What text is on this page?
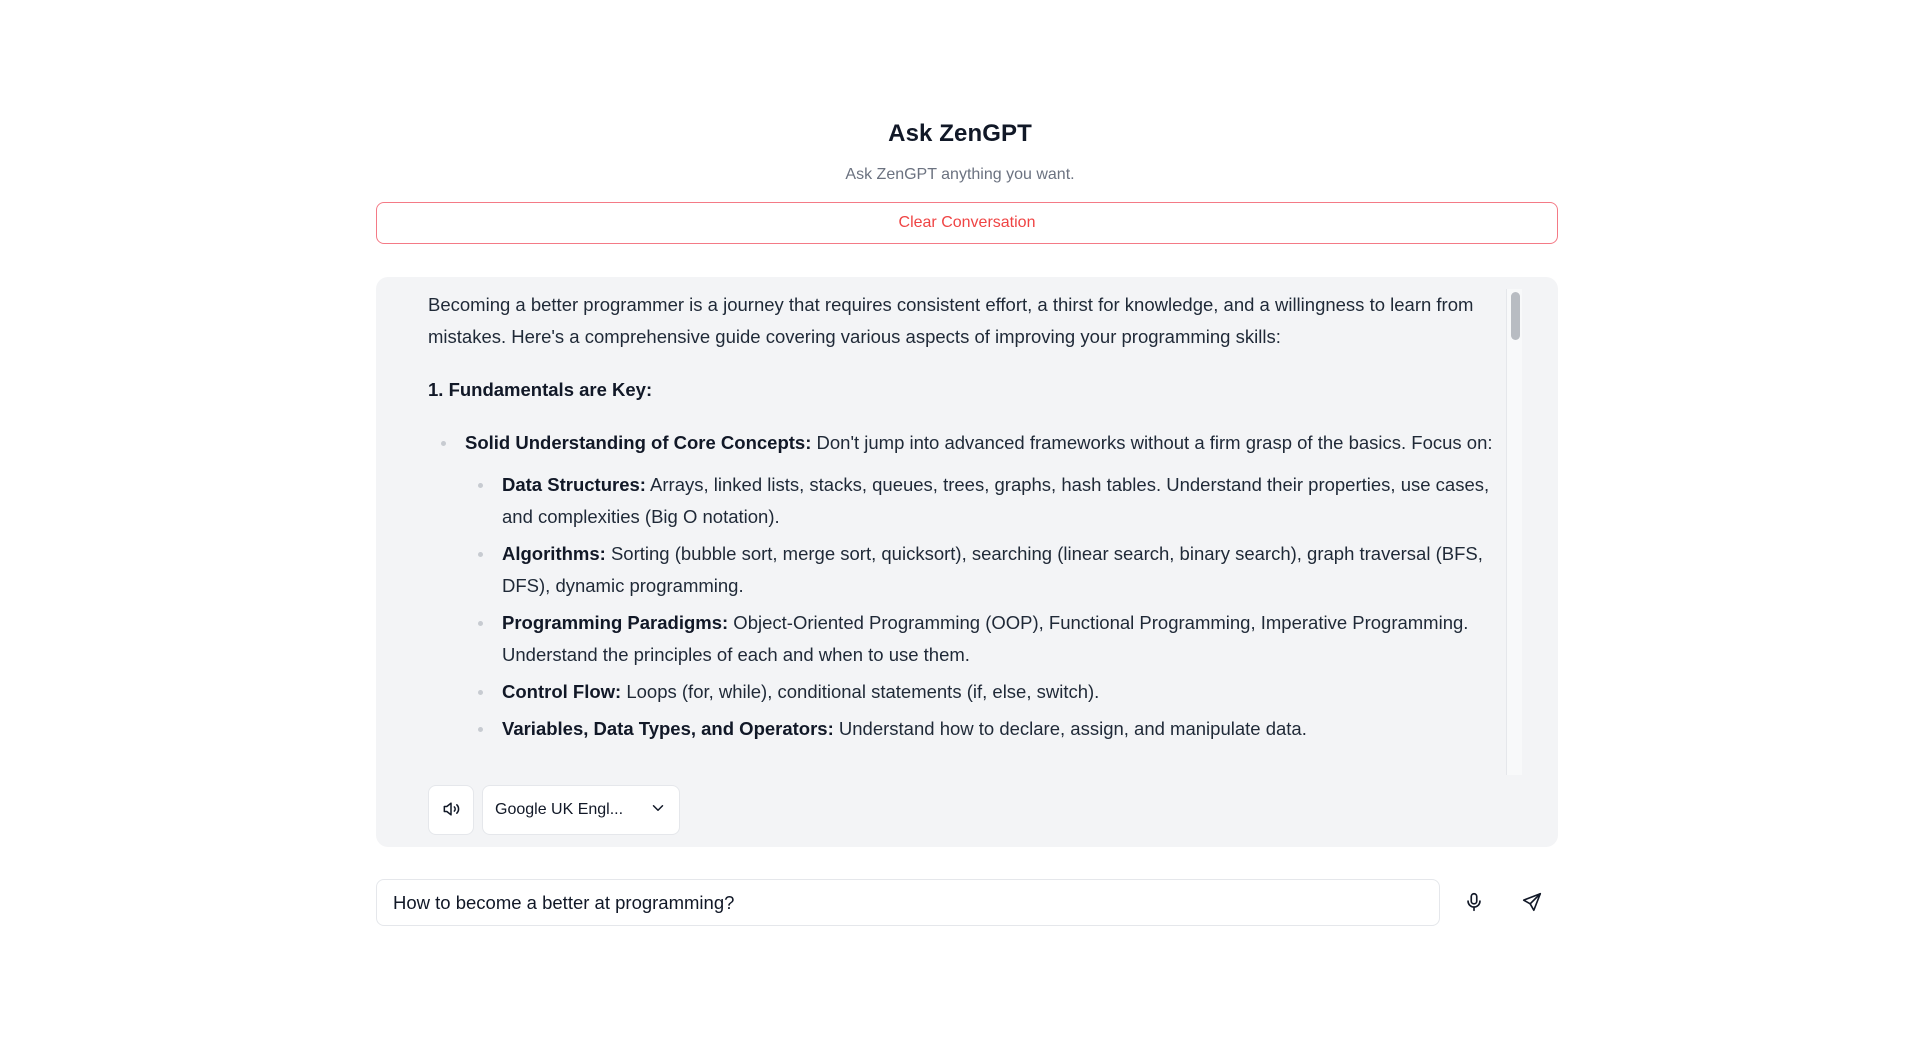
Ask ZenGPT
Ask ZenGPT anything you want.
Clear Conversation

Becoming a better programmer is a journey that requires consistent effort, a thirst for knowledge, and a willingness to learn from mistakes. Here's a comprehensive guide covering various aspects of improving your programming skills:

1. Fundamentals are Key:
Solid Understanding of Core Concepts: Don't jump into advanced frameworks without a firm grasp of the basics. Focus on:
Data Structures: Arrays, linked lists, stacks, queues, trees, graphs, hash tables. Understand their properties, use cases, and complexities (Big O notation).
Algorithms: Sorting (bubble sort, merge sort, quicksort), searching (linear search, binary search), graph traversal (BFS, DFS), dynamic programming.
Programming Paradigms: Object-Oriented Programming (OOP), Functional Programming, Imperative Programming. Understand the principles of each and when to use them.
Control Flow: Loops (for, while), conditional statements (if, else, switch).
Variables, Data Types, and Operators: Understand how to declare, assign, and manipulate data.
Google UK Engl...
How to become a better at programming?
